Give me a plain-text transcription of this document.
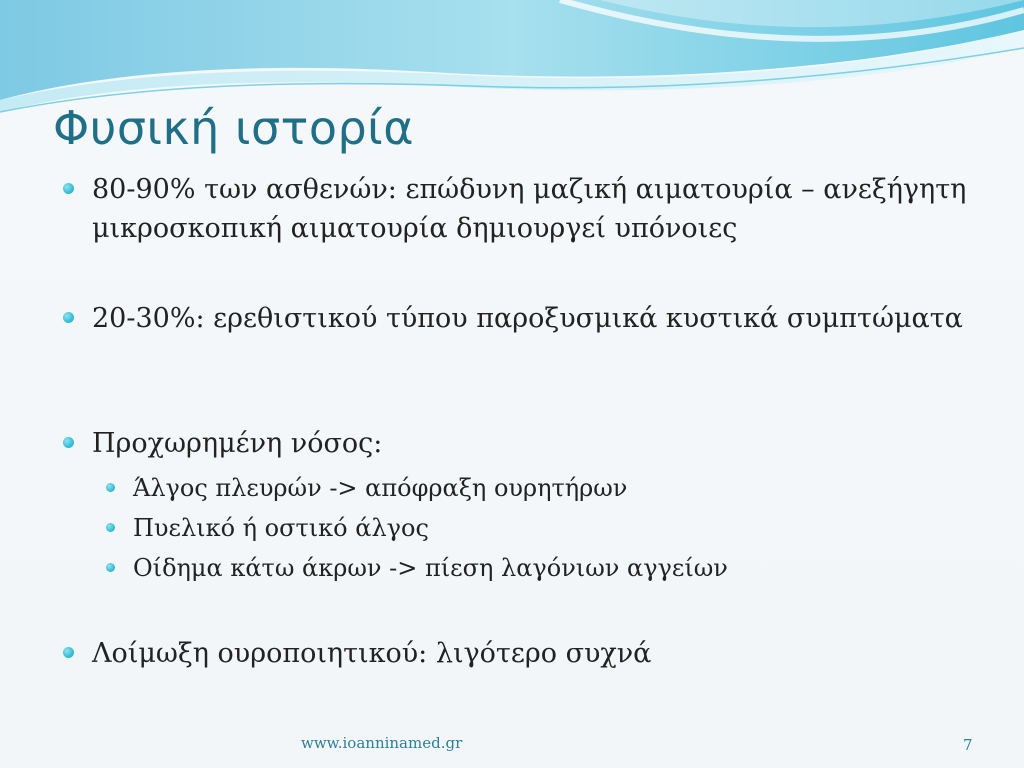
Φυσική ιστορία
80-90% των ασθενών: επώδυνη μαζική αιματουρία – ανεξήγητη μικροσκοπική αιματουρία δημιουργεί υπόνοιες
20-30%: ερεθιστικού τύπου παροξυσμικά κυστικά συμπτώματα
Προχωρημένη νόσος:
Άλγος πλευρών -> απόφραξη ουρητήρων
Πυελικό ή οστικό άλγος
Οίδημα κάτω άκρων -> πίεση λαγόνιων αγγείων
Λοίμωξη ουροποιητικού: λιγότερο συχνά
www.ioanninamed.gr	7
